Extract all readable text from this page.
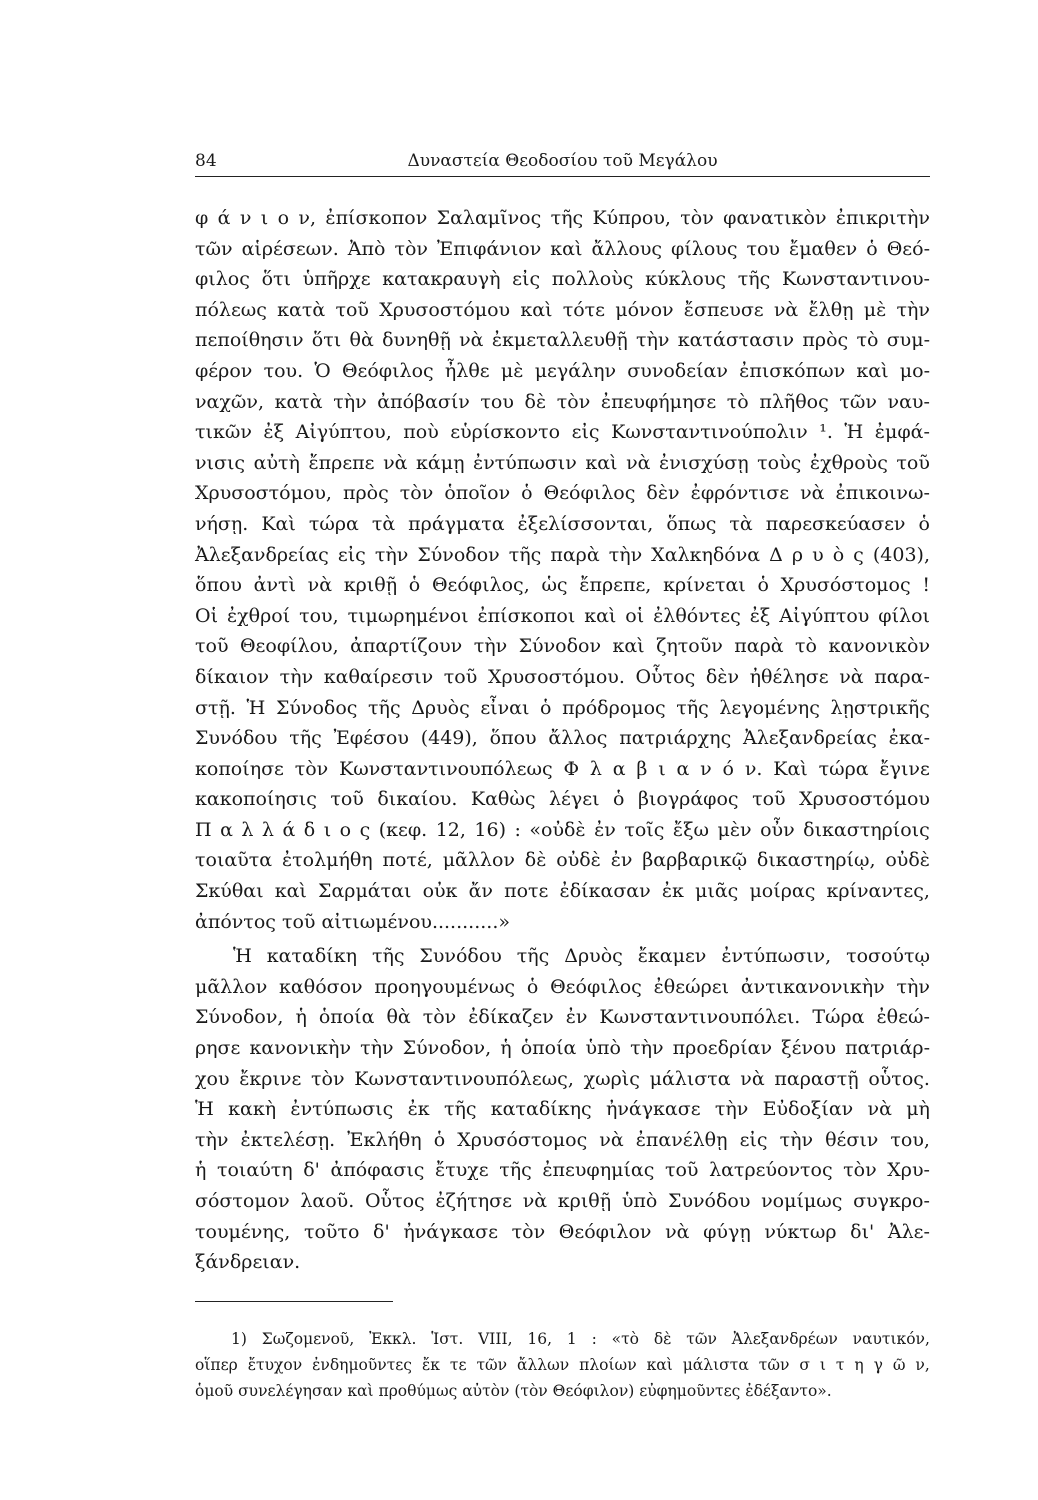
84	Δυναστεία Θεοδοσίου τοῦ Μεγάλου
φ ά ν ι ο ν, ἐπίσκοπον Σαλαμῖνος τῆς Κύπρου, τὸν φανατικὸν ἐπικριτὴν
τῶν αἱρέσεων. Ἀπὸ τὸν Ἐπιφάνιον καὶ ἄλλους φίλους του ἔμαθεν ὁ Θεό-
φιλος ὅτι ὑπῆρχε κατακραυγὴ εἰς πολλοὺς κύκλους τῆς Κωνσταντινου-
πόλεως κατὰ τοῦ Χρυσοστόμου καὶ τότε μόνον ἔσπευσε νὰ ἔλθῃ μὲ τὴν
πεποίθησιν ὅτι θὰ δυνηθῇ νὰ ἐκμεταλλευθῇ τὴν κατάστασιν πρὸς τὸ συμ-
φέρον του. Ὁ Θεόφιλος ἦλθε μὲ μεγάλην συνοδείαν ἐπισκόπων καὶ μο-
ναχῶν, κατὰ τὴν ἀπόβασίν του δὲ τὸν ἐπευφήμησε τὸ πλῆθος τῶν ναυ-
τικῶν ἐξ Αἰγύπτου, ποὺ εὑρίσκοντο εἰς Κωνσταντινούπολιν ¹. Ἡ ἐμφά-
νισις αὐτὴ ἔπρεπε νὰ κάμῃ ἐντύπωσιν καὶ νὰ ἐνισχύσῃ τοὺς ἐχθροὺς τοῦ
Χρυσοστόμου, πρὸς τὸν ὁποῖον ὁ Θεόφιλος δὲν ἐφρόντισε νὰ ἐπικοινω-
νήσῃ. Καὶ τώρα τὰ πράγματα ἐξελίσσονται, ὅπως τὰ παρεσκεύασεν ὁ
Ἀλεξανδρείας εἰς τὴν Σύνοδον τῆς παρὰ τὴν Χαλκηδόνα Δ ρ υ ὸ ς (403),
ὅπου ἀντὶ νὰ κριθῇ ὁ Θεόφιλος, ὡς ἔπρεπε, κρίνεται ὁ Χρυσόστομος !
Οἱ ἐχθροί του, τιμωρημένοι ἐπίσκοποι καὶ οἱ ἐλθόντες ἐξ Αἰγύπτου φίλοι
τοῦ Θεοφίλου, ἀπαρτίζουν τὴν Σύνοδον καὶ ζητοῦν παρὰ τὸ κανονικὸν
δίκαιον τὴν καθαίρεσιν τοῦ Χρυσοστόμου. Οὗτος δὲν ἠθέλησε νὰ παρα-
στῇ. Ἡ Σύνοδος τῆς Δρυὸς εἶναι ὁ πρόδρομος τῆς λεγομένης λῃστρικῆς
Συνόδου τῆς Ἐφέσου (449), ὅπου ἄλλος πατριάρχης Ἀλεξανδρείας ἐκα-
κοποίησε τὸν Κωνσταντινουπόλεως Φ λ α β ι α ν ό ν. Καὶ τώρα ἔγινε
κακοποίησις τοῦ δικαίου. Καθὼς λέγει ὁ βιογράφος τοῦ Χρυσοστόμου
Π α λ λ ά δ ι ο ς (κεφ. 12, 16) : «οὐδὲ ἐν τοῖς ἔξω μὲν οὖν δικαστηρίοις
τοιαῦτα ἐτολμήθη ποτέ, μᾶλλον δὲ οὐδὲ ἐν βαρβαρικῷ δικαστηρίῳ, οὐδὲ
Σκύθαι καὶ Σαρμάται οὐκ ἄν ποτε ἐδίκασαν ἐκ μιᾶς μοίρας κρίναντες,
ἀπόντος τοῦ αἰτιωμένου...........»
Ἡ καταδίκη τῆς Συνόδου τῆς Δρυὸς ἔκαμεν ἐντύπωσιν, τοσούτῳ
μᾶλλον καθόσον προηγουμένως ὁ Θεόφιλος ἐθεώρει ἀντικανονικὴν τὴν
Σύνοδον, ἡ ὁποία θὰ τὸν ἐδίκαζεν ἐν Κωνσταντινουπόλει. Τώρα ἐθεώ-
ρησε κανονικὴν τὴν Σύνοδον, ἡ ὁποία ὑπὸ τὴν προεδρίαν ξένου πατριάρ-
χου ἔκρινε τὸν Κωνσταντινουπόλεως, χωρὶς μάλιστα νὰ παραστῇ οὗτος.
Ἡ κακὴ ἐντύπωσις ἐκ τῆς καταδίκης ἠνάγκασε τὴν Εὐδοξίαν νὰ μὴ
τὴν ἐκτελέσῃ. Ἐκλήθη ὁ Χρυσόστομος νὰ ἐπανέλθῃ εἰς τὴν θέσιν του,
ἡ τοιαύτη δ' ἀπόφασις ἔτυχε τῆς ἐπευφημίας τοῦ λατρεύοντος τὸν Χρυ-
σόστομον λαοῦ. Οὗτος ἐζήτησε νὰ κριθῇ ὑπὸ Συνόδου νομίμως συγκρο-
τουμένης, τοῦτο δ' ἠνάγκασε τὸν Θεόφιλον νὰ φύγῃ νύκτωρ δι' Ἀλε-
ξάνδρειαν.
1) Σωζομενοῦ, Ἐκκλ. Ἱστ. VIII, 16, 1 : «τὸ δὲ τῶν Ἀλεξανδρέων ναυτικόν,
οἵπερ ἔτυχον ἐνδημοῦντες ἔκ τε τῶν ἄλλων πλοίων καὶ μάλιστα τῶν σ ι τ η γ ῶ ν,
ὁμοῦ συνελέγησαν καὶ προθύμως αὐτὸν (τὸν Θεόφιλον) εὐφημοῦντες ἐδέξαντο».
